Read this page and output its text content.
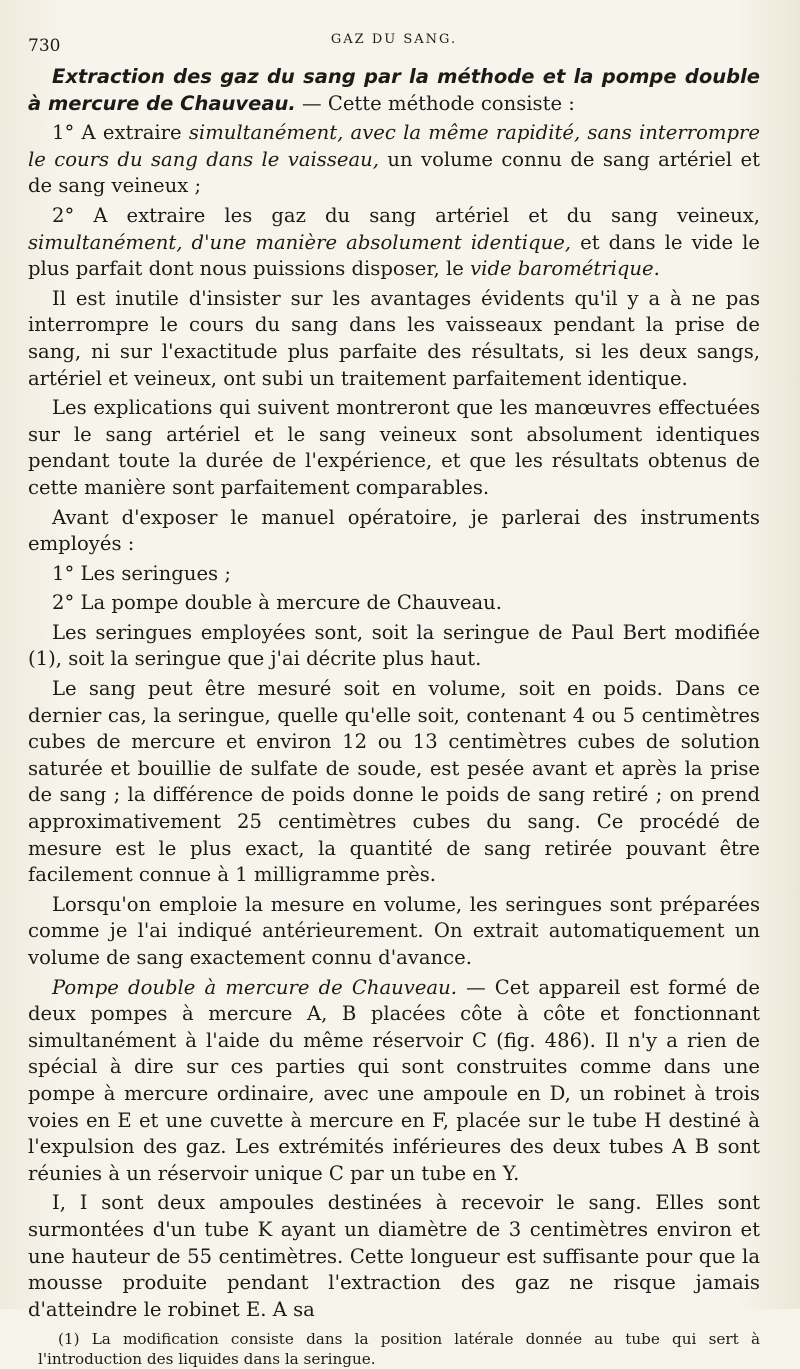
730	GAZ DU SANG.

Extraction des gaz du sang par la méthode et la pompe double à mercure de Chauveau. — Cette méthode consiste :

1° A extraire simultanément, avec la même rapidité, sans interrompre le cours du sang dans le vaisseau, un volume connu de sang artériel et de sang veineux ;

2° A extraire les gaz du sang artériel et du sang veineux, simultanément, d'une manière absolument identique, et dans le vide le plus parfait dont nous puissions disposer, le vide barométrique.

Il est inutile d'insister sur les avantages évidents qu'il y a à ne pas interrompre le cours du sang dans les vaisseaux pendant la prise de sang, ni sur l'exactitude plus parfaite des résultats, si les deux sangs, artériel et veineux, ont subi un traitement parfaitement identique.

Les explications qui suivent montreront que les manœuvres effectuées sur le sang artériel et le sang veineux sont absolument identiques pendant toute la durée de l'expérience, et que les résultats obtenus de cette manière sont parfaitement comparables.

Avant d'exposer le manuel opératoire, je parlerai des instruments employés :

1° Les seringues ;

2° La pompe double à mercure de Chauveau.

Les seringues employées sont, soit la seringue de Paul Bert modifiée (1), soit la seringue que j'ai décrite plus haut.

Le sang peut être mesuré soit en volume, soit en poids. Dans ce dernier cas, la seringue, quelle qu'elle soit, contenant 4 ou 5 centimètres cubes de mercure et environ 12 ou 13 centimètres cubes de solution saturée et bouillie de sulfate de soude, est pesée avant et après la prise de sang ; la différence de poids donne le poids de sang retiré ; on prend approximativement 25 centimètres cubes du sang. Ce procédé de mesure est le plus exact, la quantité de sang retirée pouvant être facilement connue à 1 milligramme près.

Lorsqu'on emploie la mesure en volume, les seringues sont préparées comme je l'ai indiqué antérieurement. On extrait automatiquement un volume de sang exactement connu d'avance.

Pompe double à mercure de Chauveau. — Cet appareil est formé de deux pompes à mercure A, B placées côte à côte et fonctionnant simultanément à l'aide du même réservoir C (fig. 486). Il n'y a rien de spécial à dire sur ces parties qui sont construites comme dans une pompe à mercure ordinaire, avec une ampoule en D, un robinet à trois voies en E et une cuvette à mercure en F, placée sur le tube H destiné à l'expulsion des gaz. Les extrémités inférieures des deux tubes A B sont réunies à un réservoir unique C par un tube en Y.

I, I sont deux ampoules destinées à recevoir le sang. Elles sont surmontées d'un tube K ayant un diamètre de 3 centimètres environ et une hauteur de 55 centimètres. Cette longueur est suffisante pour que la mousse produite pendant l'extraction des gaz ne risque jamais d'atteindre le robinet E. A sa

(1) La modification consiste dans la position latérale donnée au tube qui sert à l'introduction des liquides dans la seringue.
